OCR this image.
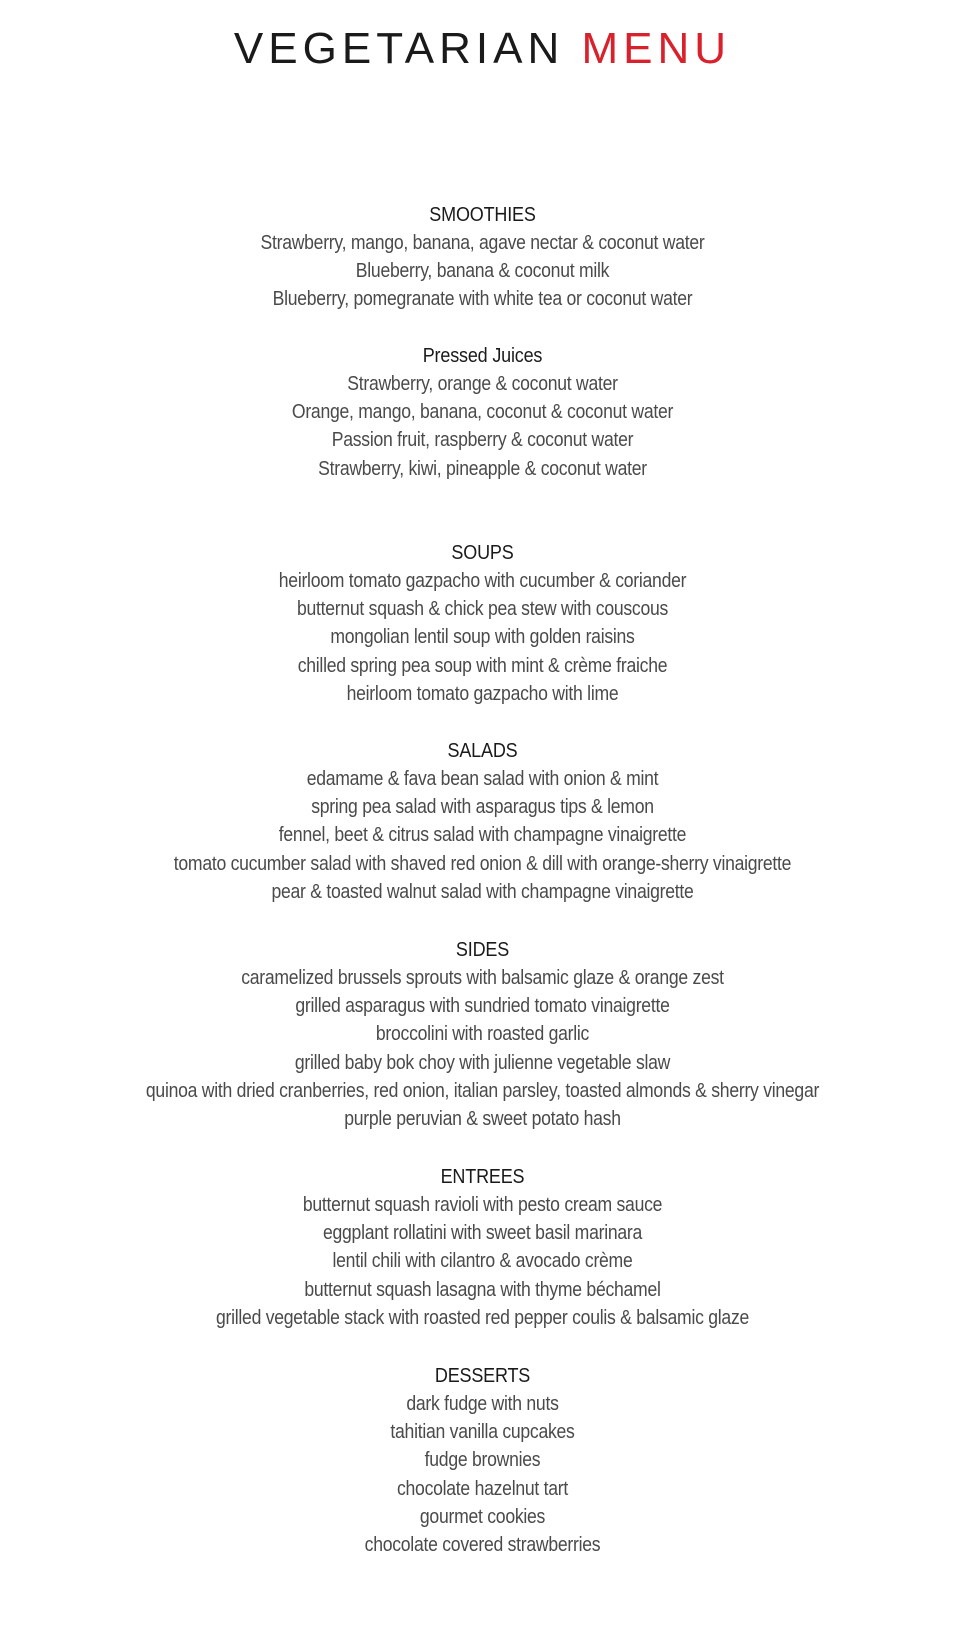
VEGETARIAN MENU
SMOOTHIES
Strawberry, mango, banana, agave nectar & coconut water
Blueberry, banana & coconut milk
Blueberry, pomegranate with white tea or coconut water
Pressed Juices
Strawberry, orange & coconut water
Orange, mango, banana, coconut & coconut water
Passion fruit, raspberry & coconut water
Strawberry, kiwi, pineapple & coconut water
SOUPS
heirloom tomato gazpacho with cucumber & coriander
butternut squash & chick pea stew with couscous
mongolian lentil soup with golden raisins
chilled spring pea soup with mint & crème fraiche
heirloom tomato gazpacho with lime
SALADS
edamame & fava bean salad with onion & mint
spring pea salad with asparagus tips & lemon
fennel, beet & citrus salad with champagne vinaigrette
tomato cucumber salad with shaved red onion & dill with orange-sherry vinaigrette
pear & toasted walnut salad with champagne vinaigrette
SIDES
caramelized brussels sprouts with balsamic glaze & orange zest
grilled asparagus with sundried tomato vinaigrette
broccolini with roasted garlic
grilled baby bok choy with julienne vegetable slaw
quinoa with dried cranberries, red onion, italian parsley, toasted almonds & sherry vinegar
purple peruvian & sweet potato hash
ENTREES
butternut squash ravioli with pesto cream sauce
eggplant rollatini with sweet basil marinara
lentil chili with cilantro & avocado crème
butternut squash lasagna with thyme béchamel
grilled vegetable stack with roasted red pepper coulis & balsamic glaze
DESSERTS
dark fudge with nuts
tahitian vanilla cupcakes
fudge brownies
chocolate hazelnut tart
gourmet cookies
chocolate covered strawberries
